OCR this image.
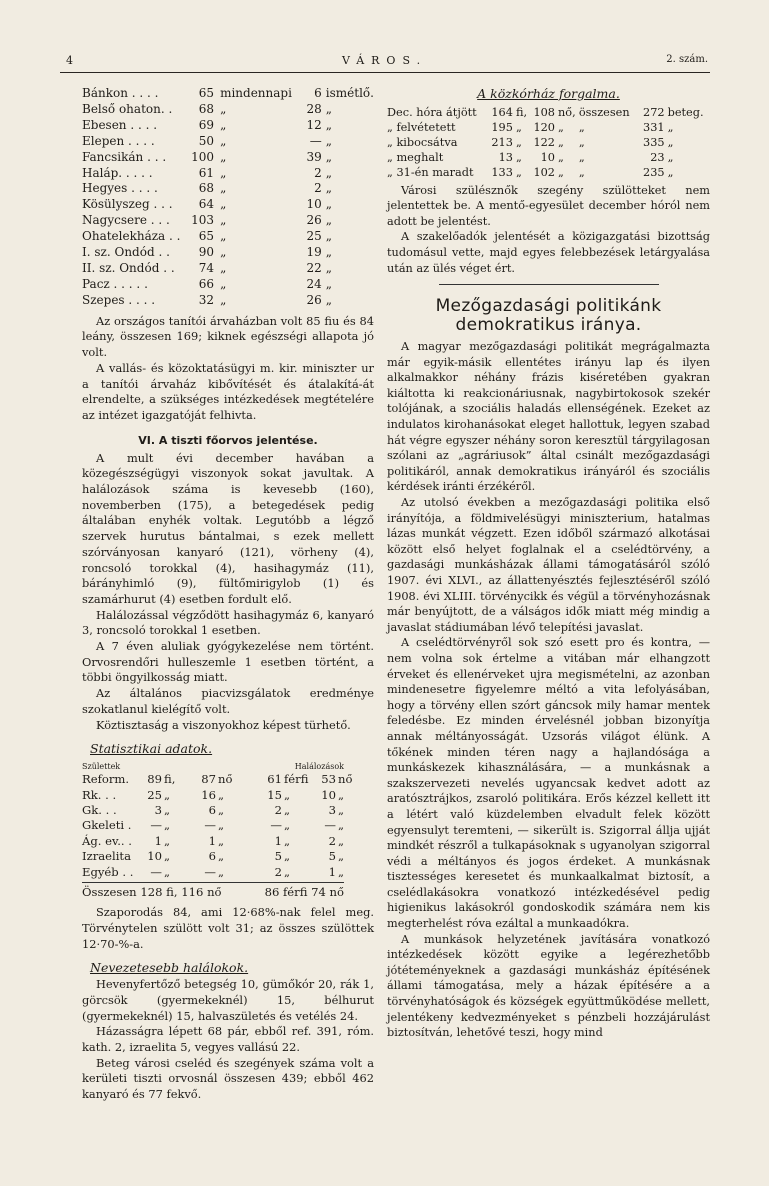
4	VÁROS.	2. szám.
Bánkon . . . .	65	mindennapi	6	ismétlő.
Belső ohaton. .	68	„	28	„
Ebesen . . . .	69	„	12	„
Elepen . . . .	50	„	—	„
Fancsikán . . .	100	„	39	„
Haláp. . . . .	61	„	2	„
Hegyes . . . .	68	„	2	„
Kösülyszeg . . .	64	„	10	„
Nagycsere . . .	103	„	26	„
Ohatelekháza . .	65	„	25	„
I. sz. Ondód . .	90	„	19	„
II. sz. Ondód . .	74	„	22	„
Pacz . . . . .	66	„	24	„
Szepes . . . .	32	„	26	„

Az országos tanítói árvaházban volt 85 fiu és 84 leány, összesen 169; kiknek egészségi allapota jó volt.

A vallás- és közoktatásügyi m. kir. miniszter ur a tanítói árvaház kibővítését és átalakítá-át elrendelte, a szükséges intézkedések megtételére az intézet igazgatóját felhivta.

VI. A tiszti főorvos jelentése.

A mult évi december havában a közegészségügyi viszonyok sokat javultak. A halálozások száma is kevesebb (160), novemberben (175), a betegedések pedig általában enyhék voltak. Legutóbb a légző szervek hurutus bántalmai, s ezek mellett szórványosan kanyaró (121), vörheny (4), roncsoló torokkal (4), hasihagymáz (11), bárányhimló (9), fültőmirigylob (1) és szamárhurut (4) esetben fordult elő.

Halálozással végződött hasihagymáz 6, kanyaró 3, roncsoló torokkal 1 esetben.

A 7 éven aluliak gyógykezelése nem történt. Orvosrendőri hulleszemle 1 esetben történt, a többi öngyilkosság miatt.

Az általános piacvizsgálatok eredménye szokatlanul kielégítő volt.

Köztisztaság a viszonyokhoz képest türhető.

Statisztikai adatok.
Születtek	Halálozások
Reform.	89	fi,	87	nő	61	férfi	53	nő
Rk. . .	25	„	16	„	15	„	10	„
Gk. . .	3	„	6	„	2	„	3	„
Gkeleti .	—	„	—	„	—	„	—	„
Ág. ev.. .	1	„	1	„	1	„	2	„
Izraelita	10	„	6	„	5	„	5	„
Egyéb . .	—	„	—	„	2	„	1	„
Összesen 128 fi, 116 nő	86 férfi 74 nő

Szaporodás 84, ami 12·68%-nak felel meg. Törvénytelen szülött volt 31; az összes szülöttek 12·70-%-a.

Nevezetesebb halálokok.

Hevenyfertőző betegség 10, gümőkór 20, rák 1, görcsök (gyermekeknél) 15, bélhurut (gyermekeknél) 15, halvaszületés és vetélés 24.

Házasságra lépett 68 pár, ebből ref. 391, róm. kath. 2, izraelita 5, vegyes vallású 22.

Beteg városi cseléd és szegények száma volt a kerületi tiszti orvosnál összesen 439; ebből 462 kanyaró és 77 fekvő.

A közkórház forgalma.
Dec. hóra átjött	164	fi,	108	nő,	összesen	272	beteg.
„ felvétetett	195	„	120	„	„	331	„
„ kibocsátva	213	„	122	„	„	335	„
„ meghalt	13	„	10	„	„	23	„
„ 31-én maradt	133	„	102	„	„	235	„

Városi szülésznők szegény szülötteket nem jelentettek be. A mentő-egyesület december hóról nem adott be jelentést.

A szakelőadók jelentését a közigazgatási bizottság tudomásul vette, majd egyes felebbezések letárgyalása után az ülés véget ért.

Mezőgazdasági politikánk demokratikus iránya.

A magyar mezőgazdasági politikát megrágalmazta már egyik-másik ellentétes irányu lap és ilyen alkalmakkor néhány frázis kiséretében gyakran kiáltotta ki reakcionáriusnak, nagybirtokosok szekér tolójának, a szociális haladás ellenségének. Ezeket az indulatos kirohanásokat eleget hallottuk, legyen szabad hát végre egyszer néhány soron keresztül tárgyilagosan szólani az „agráriusok” által csinált mezőgazdasági politikáról, annak demokratikus irányáról és szociális kérdések iránti érzékéről.

Az utolsó években a mezőgazdasági politika első irányítója, a földmivelésügyi miniszterium, hatalmas lázas munkát végzett. Ezen időből származó alkotásai között első helyet foglalnak el a cselédtörvény, a gazdasági munkásházak állami támogatásáról szóló 1907. évi XLVI., az állattenyésztés fejlesztéséről szóló 1908. évi XLIII. törvénycikk és végül a törvényhozásnak már benyújtott, de a válságos idők miatt még mindig a javaslat stádiumában lévő telepítési javaslat.

A cselédtörvényről sok szó esett pro és kontra, — nem volna sok értelme a vitában már elhangzott érveket és ellenérveket ujra megismételni, az azonban mindenesetre figyelemre méltó a vita lefolyásában, hogy a törvény ellen szórt gáncsok mily hamar mentek feledésbe. Ez minden érvelésnél jobban bizonyítja annak méltányosságát. Uzsorás világot élünk. A tőkének minden téren nagy a hajlandósága a munkáskezek kihasználására, — a munkásnak a szakszervezeti nevelés ugyancsak kedvet adott az aratósztrájkos, zsaroló politikára. Erős kézzel kellett itt a létért való küzdelemben elvadult felek között egyensulyt teremteni, — sikerült is. Szigorral állja ujját mindkét részről a tulkapásoknak s ugyanolyan szigorral védi a méltányos és jogos érdeket. A munkásnak tisztességes keresetet és munkaalkalmat biztosít, a cselédlakásokra vonatkozó intézkedésével pedig higienikus lakásokról gondoskodik számára nem kis megterhelést róva ezáltal a munkaadókra.

A munkások helyzetének javítására vonatkozó intézkedések között egyike a legérezhetőbb jótéteményeknek a gazdasági munkásház építésének állami támogatása, mely a házak építésére a a törvényhatóságok és községek együttműködése mellett, jelentékeny kedvezményeket s pénzbeli hozzájárulást biztosítván, lehetővé teszi, hogy mind
